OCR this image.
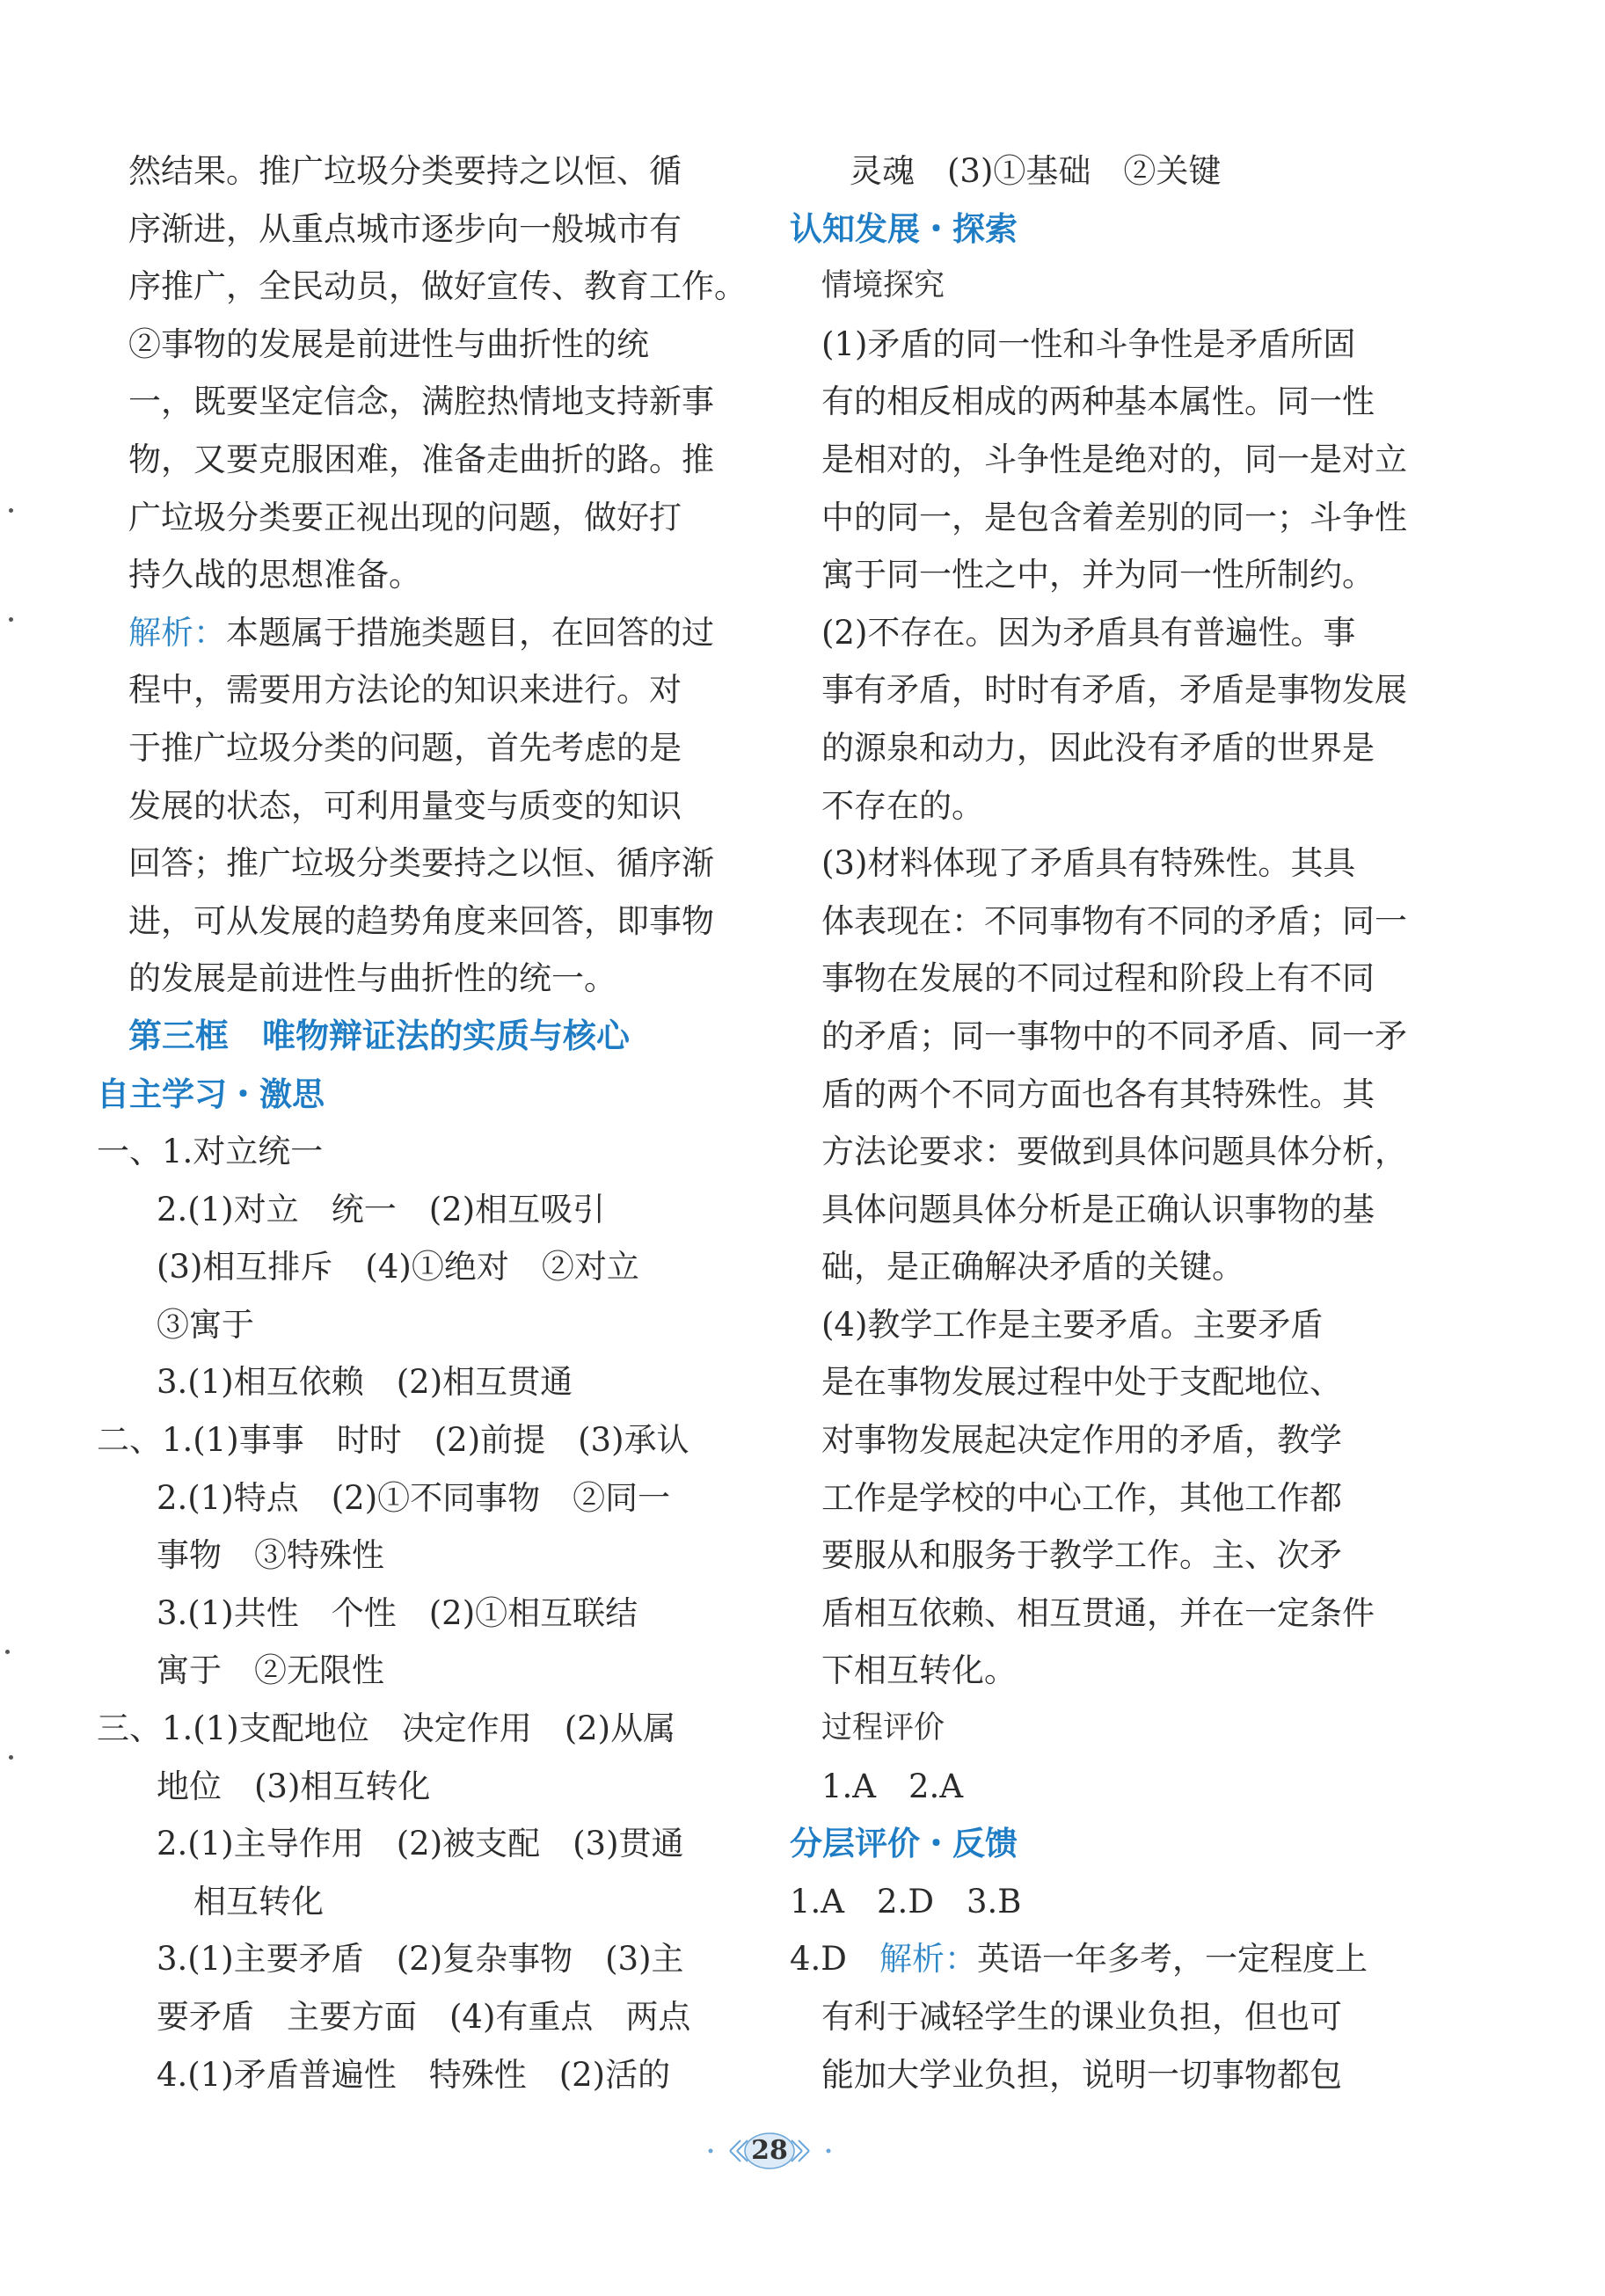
然结果。推广垃圾分类要持之以恒、循
序渐进，从重点城市逐步向一般城市有
序推广，全民动员，做好宣传、教育工作。
②事物的发展是前进性与曲折性的统
一，既要坚定信念，满腔热情地支持新事
物，又要克服困难，准备走曲折的路。推
广垃圾分类要正视出现的问题，做好打
持久战的思想准备。
解析：本题属于措施类题目，在回答的过
程中，需要用方法论的知识来进行。对
于推广垃圾分类的问题，首先考虑的是
发展的状态，可利用量变与质变的知识
回答；推广垃圾分类要持之以恒、循序渐
进，可从发展的趋势角度来回答，即事物
的发展是前进性与曲折性的统一。
第三框　唯物辩证法的实质与核心
自主学习・激思
一、1.对立统一
2.(1)对立　统一　(2)相互吸引
(3)相互排斥　(4)①绝对　②对立
③寓于
3.(1)相互依赖　(2)相互贯通
二、1.(1)事事　时时　(2)前提　(3)承认
2.(1)特点　(2)①不同事物　②同一
事物　③特殊性
3.(1)共性　个性　(2)①相互联结
寓于　②无限性
三、1.(1)支配地位　决定作用　(2)从属
地位　(3)相互转化
2.(1)主导作用　(2)被支配　(3)贯通
相互转化
3.(1)主要矛盾　(2)复杂事物　(3)主
要矛盾　主要方面　(4)有重点　两点
4.(1)矛盾普遍性　特殊性　(2)活的
灵魂　(3)①基础　②关键
认知发展・探索
情境探究
(1)矛盾的同一性和斗争性是矛盾所固
有的相反相成的两种基本属性。同一性
是相对的，斗争性是绝对的，同一是对立
中的同一，是包含着差别的同一；斗争性
寓于同一性之中，并为同一性所制约。
(2)不存在。因为矛盾具有普遍性。事
事有矛盾，时时有矛盾，矛盾是事物发展
的源泉和动力，因此没有矛盾的世界是
不存在的。
(3)材料体现了矛盾具有特殊性。其具
体表现在：不同事物有不同的矛盾；同一
事物在发展的不同过程和阶段上有不同
的矛盾；同一事物中的不同矛盾、同一矛
盾的两个不同方面也各有其特殊性。其
方法论要求：要做到具体问题具体分析，
具体问题具体分析是正确认识事物的基
础，是正确解决矛盾的关键。
(4)教学工作是主要矛盾。主要矛盾
是在事物发展过程中处于支配地位、
对事物发展起决定作用的矛盾，教学
工作是学校的中心工作，其他工作都
要服从和服务于教学工作。主、次矛
盾相互依赖、相互贯通，并在一定条件
下相互转化。
过程评价
1.A　2.A
分层评价・反馈
1.A　2.D　3.B
4.D　解析：英语一年多考，一定程度上
有利于减轻学生的课业负担，但也可
能加大学业负担，说明一切事物都包
28
